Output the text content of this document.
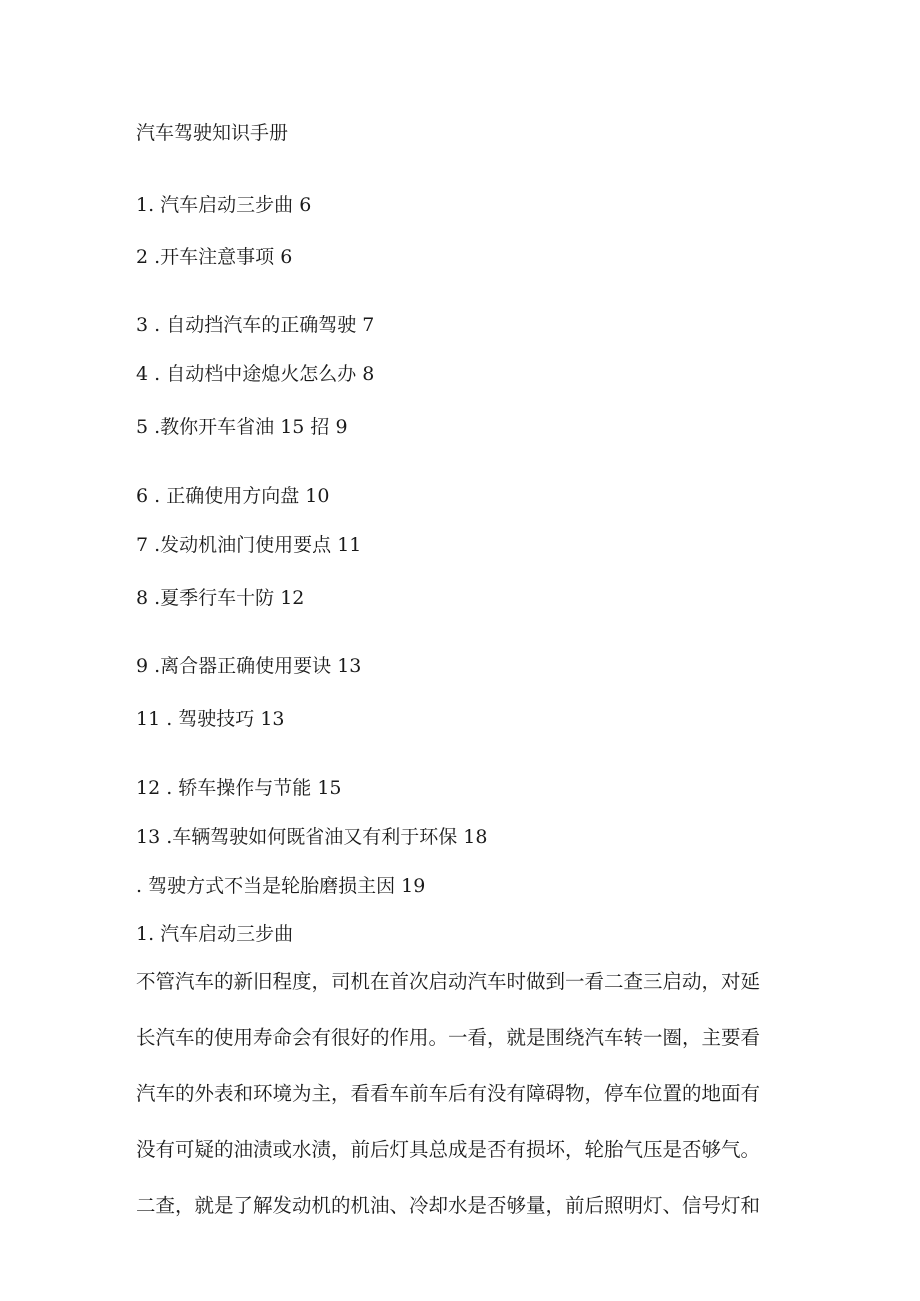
汽车驾驶知识手册
1. 汽车启动三步曲 6
2 .开车注意事项 6
3 . 自动挡汽车的正确驾驶 7
4 . 自动档中途熄火怎么办 8
5 .教你开车省油 15 招 9
6 . 正确使用方向盘 10
7 .发动机油门使用要点 11
8 .夏季行车十防 12
9 .离合器正确使用要诀 13
11 . 驾驶技巧 13
12 . 轿车操作与节能 15
13 .车辆驾驶如何既省油又有利于环保 18
. 驾驶方式不当是轮胎磨损主因 19
1. 汽车启动三步曲
不管汽车的新旧程度，司机在首次启动汽车时做到一看二查三启动，对延
长汽车的使用寿命会有很好的作用。一看，就是围绕汽车转一圈，主要看
汽车的外表和环境为主，看看车前车后有没有障碍物，停车位置的地面有
没有可疑的油渍或水渍，前后灯具总成是否有损坏，轮胎气压是否够气。
二查，就是了解发动机的机油、冷却水是否够量，前后照明灯、信号灯和
